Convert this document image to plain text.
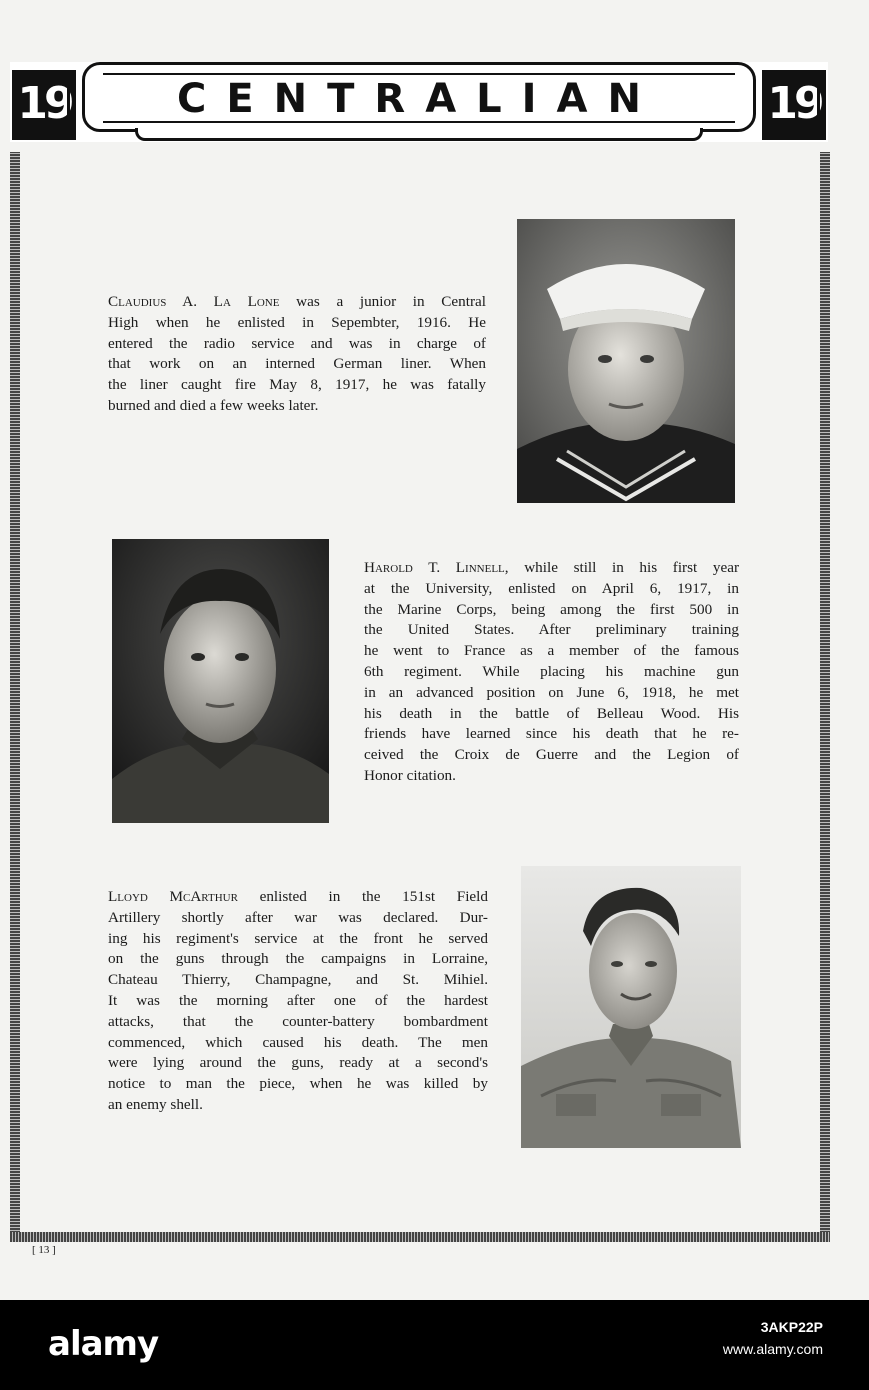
19	CENTRALIAN	19

Claudius A. La Lone was a junior in Central
High when he enlisted in Sepembter, 1916. He
entered the radio service and was in charge of
that work on an interned German liner. When
the liner caught fire May 8, 1917, he was fatally
burned and died a few weeks later.

Harold T. Linnell, while still in his first year
at the University, enlisted on April 6, 1917, in
the Marine Corps, being among the first 500 in
the United States. After preliminary training
he went to France as a member of the famous
6th regiment. While placing his machine gun
in an advanced position on June 6, 1918, he met
his death in the battle of Belleau Wood. His
friends have learned since his death that he re-
ceived the Croix de Guerre and the Legion of
Honor citation.

Lloyd McArthur enlisted in the 151st Field
Artillery shortly after war was declared. Dur-
ing his regiment's service at the front he served
on the guns through the campaigns in Lorraine,
Chateau Thierry, Champagne, and St. Mihiel.
It was the morning after one of the hardest
attacks, that the counter-battery bombardment
commenced, which caused his death. The men
were lying around the guns, ready at a second's
notice to man the piece, when he was killed by
an enemy shell.

[ 13 ]
alamy	3AKP22P
www.alamy.com
